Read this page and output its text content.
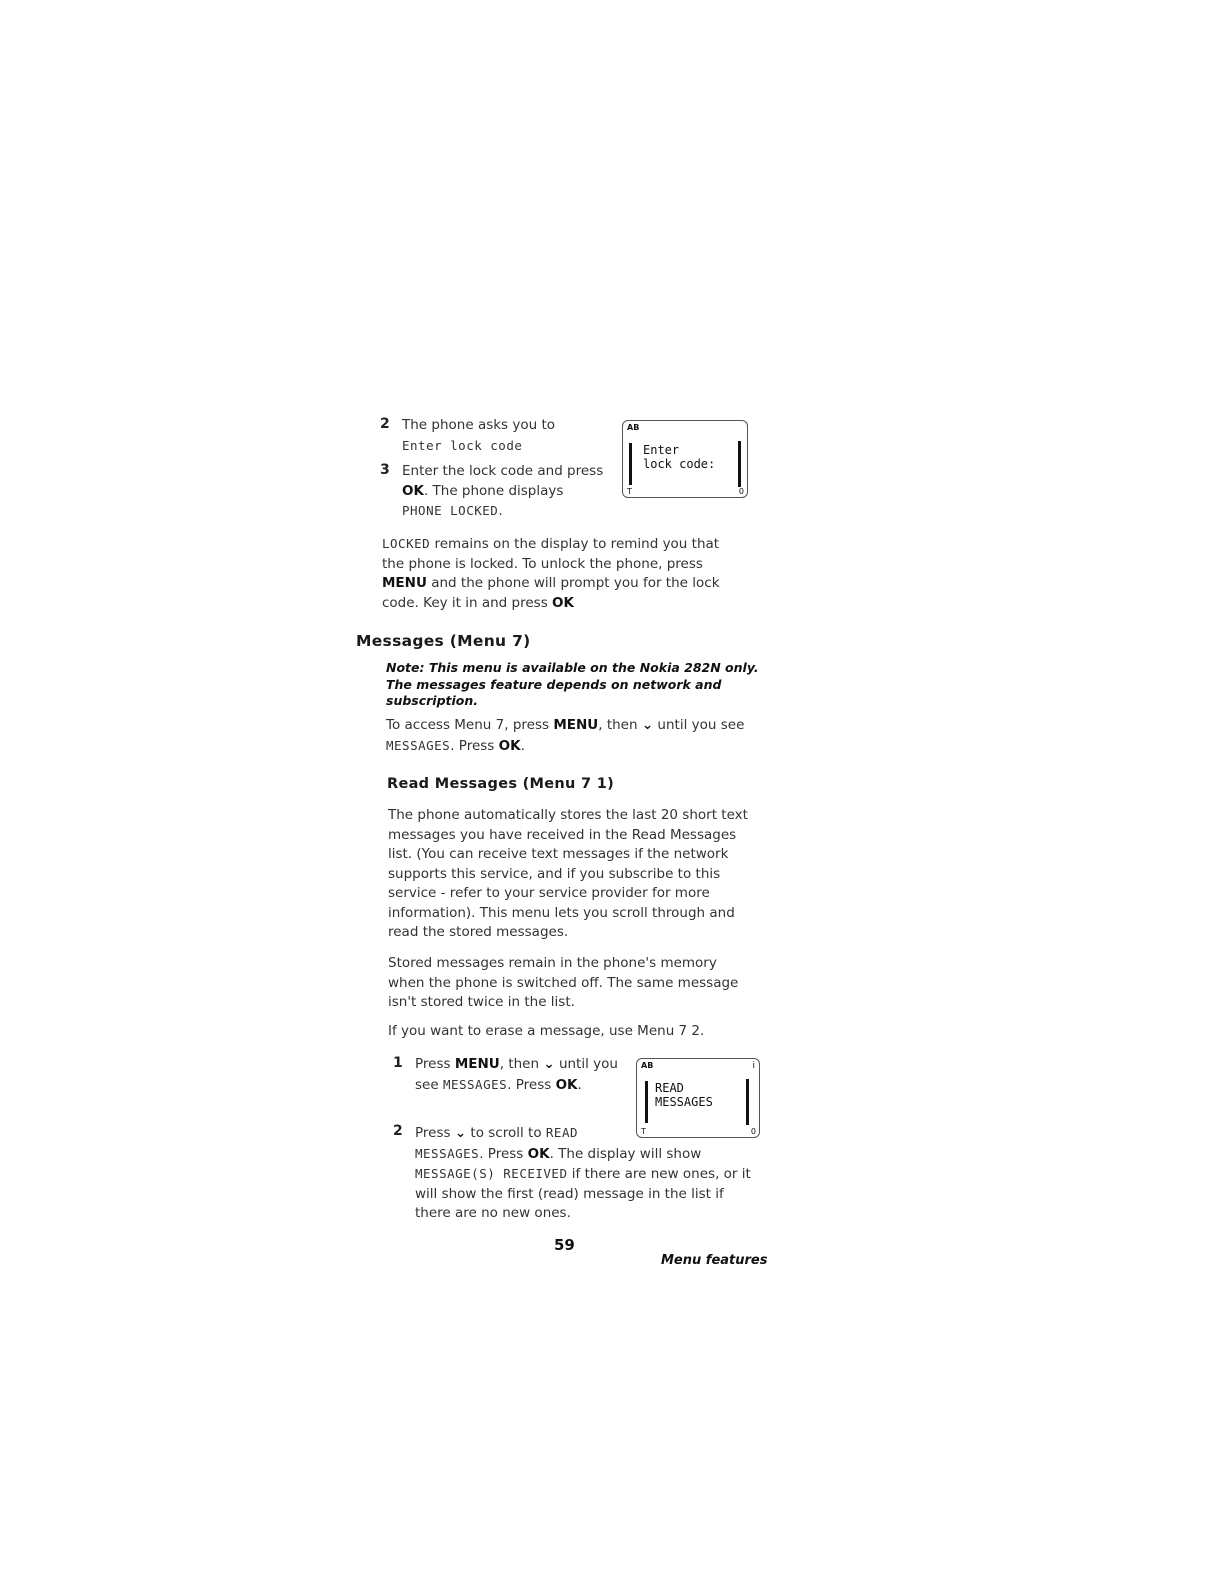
2 The phone asks you to
Enter lock code
3 Enter the lock code and press
OK. The phone displays
PHONE LOCKED.
AB
Enter
lock code:
T	0
LOCKED remains on the display to remind you that the phone is locked. To unlock the phone, press MENU and the phone will prompt you for the lock code. Key it in and press OK
Messages (Menu 7)
Note: This menu is available on the Nokia 282N only. The messages feature depends on network and subscription.
To access Menu 7, press MENU, then ⌄ until you see MESSAGES. Press OK.
Read Messages (Menu 7 1)
The phone automatically stores the last 20 short text messages you have received in the Read Messages list. (You can receive text messages if the network supports this service, and if you subscribe to this service - refer to your service provider for more information). This menu lets you scroll through and read the stored messages.
Stored messages remain in the phone's memory when the phone is switched off. The same message isn't stored twice in the list.
If you want to erase a message, use Menu 7 2.
1 Press MENU, then ⌄ until you see MESSAGES. Press OK.
2 Press ⌄ to scroll to READ
MESSAGES. Press OK. The display will show MESSAGE(S) RECEIVED if there are new ones, or it will show the first (read) message in the list if there are no new ones.
AB	i
READ
MESSAGES
T	0
59
Menu features
